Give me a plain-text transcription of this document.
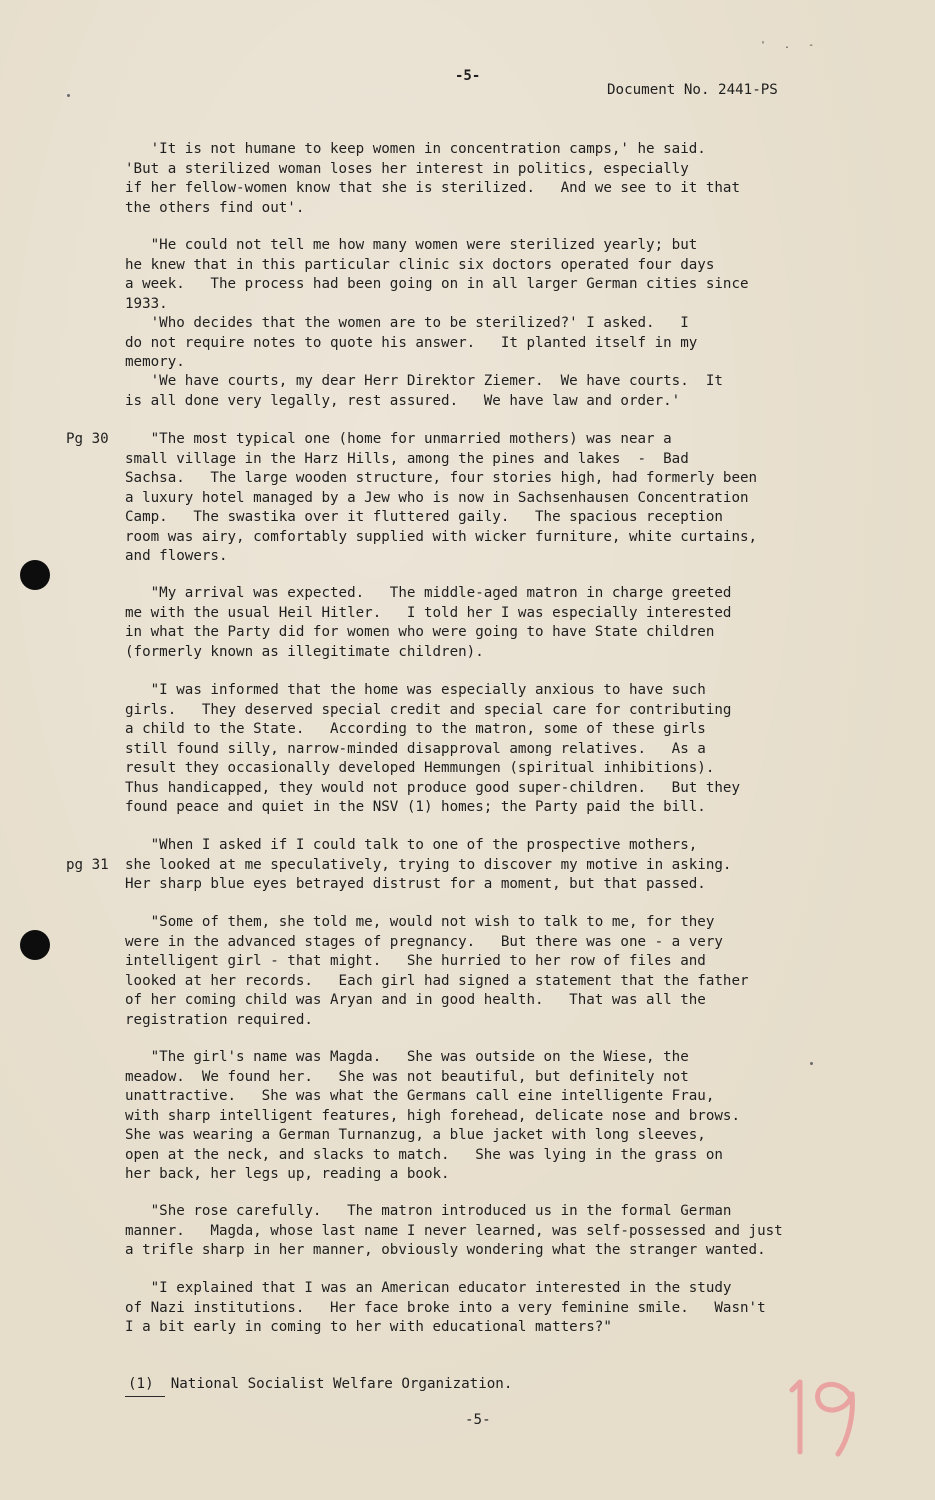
' . -
-5-
Document No. 2441-PS
'It is not humane to keep women in concentration camps,' he said.
'But a sterilized woman loses her interest in politics, especially
if her fellow-women know that she is sterilized.   And we see to it that
the others find out'.
"He could not tell me how many women were sterilized yearly; but
he knew that in this particular clinic six doctors operated four days
a week.   The process had been going on in all larger German cities since
1933.
'Who decides that the women are to be sterilized?' I asked.   I
do not require notes to quote his answer.   It planted itself in my
memory.
'We have courts, my dear Herr Direktor Ziemer.  We have courts.  It
is all done very legally, rest assured.   We have law and order.'
Pg 30 "The most typical one (home for unmarried mothers) was near a
small village in the Harz Hills, among the pines and lakes  -  Bad
Sachsa.   The large wooden structure, four stories high, had formerly been
a luxury hotel managed by a Jew who is now in Sachsenhausen Concentration
Camp.   The swastika over it fluttered gaily.   The spacious reception
room was airy, comfortably supplied with wicker furniture, white curtains,
and flowers.
"My arrival was expected.   The middle-aged matron in charge greeted
me with the usual Heil Hitler.   I told her I was especially interested
in what the Party did for women who were going to have State children
(formerly known as illegitimate children).
"I was informed that the home was especially anxious to have such
girls.   They deserved special credit and special care for contributing
a child to the State.   According to the matron, some of these girls
still found silly, narrow-minded disapproval among relatives.   As a
result they occasionally developed Hemmungen (spiritual inhibitions).
Thus handicapped, they would not produce good super-children.   But they
found peace and quiet in the NSV (1) homes; the Party paid the bill.
"When I asked if I could talk to one of the prospective mothers,
she looked at me speculatively, trying to discover my motive in asking.
Her sharp blue eyes betrayed distrust for a moment, but that passed.
pg 31
"Some of them, she told me, would not wish to talk to me, for they
were in the advanced stages of pregnancy.   But there was one - a very
intelligent girl - that might.   She hurried to her row of files and
looked at her records.   Each girl had signed a statement that the father
of her coming child was Aryan and in good health.   That was all the
registration required.
"The girl's name was Magda.   She was outside on the Wiese, the
meadow.  We found her.   She was not beautiful, but definitely not
unattractive.   She was what the Germans call eine intelligente Frau,
with sharp intelligent features, high forehead, delicate nose and brows.
She was wearing a German Turnanzug, a blue jacket with long sleeves,
open at the neck, and slacks to match.   She was lying in the grass on
her back, her legs up, reading a book.
"She rose carefully.   The matron introduced us in the formal German
manner.   Magda, whose last name I never learned, was self-possessed and just
a trifle sharp in her manner, obviously wondering what the stranger wanted.
"I explained that I was an American educator interested in the study
of Nazi institutions.   Her face broke into a very feminine smile.   Wasn't
I a bit early in coming to her with educational matters?"
(1)  National Socialist Welfare Organization.
-5-
